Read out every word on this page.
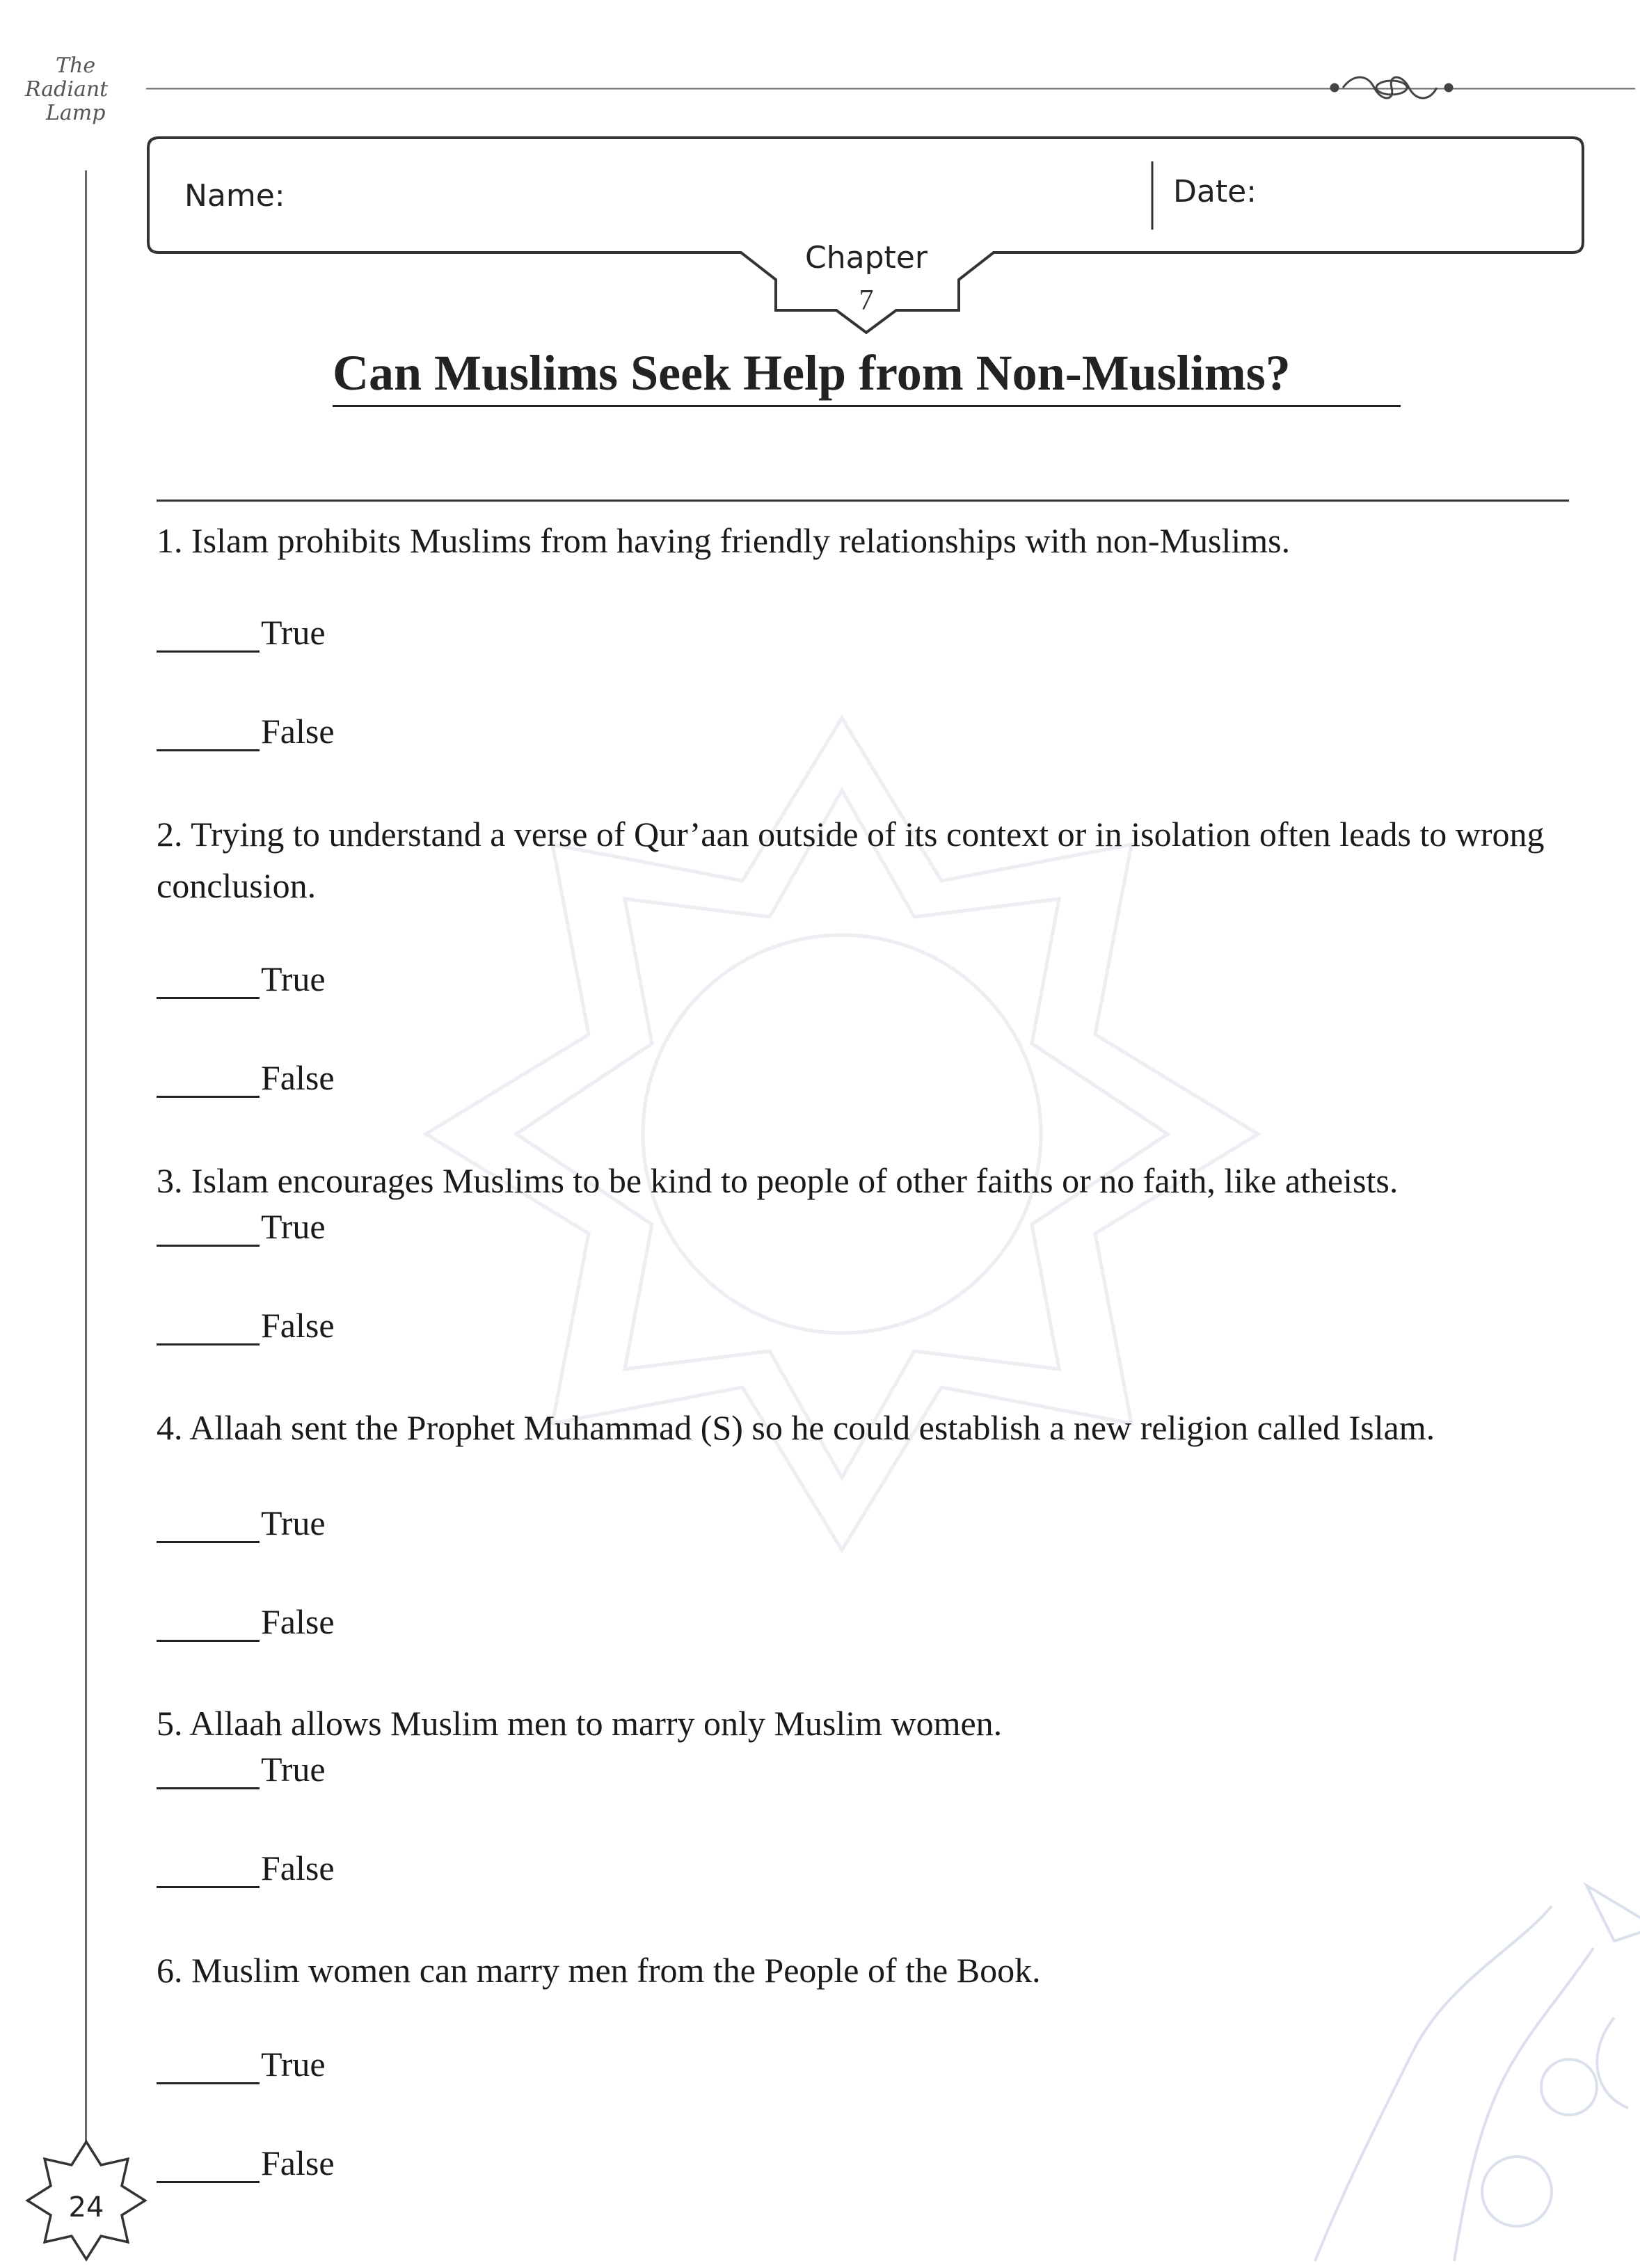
The
Radiant
Lamp
Name:	Date:
Chapter
7
Can Muslims Seek Help from Non-Muslims?
1. Islam prohibits Muslims from having friendly relationships with non-Muslims.
True
False
2. Trying to understand a verse of Qur’aan outside of its context or in isolation often leads to wrong conclusion.
True
False
3. Islam encourages Muslims to be kind to people of other faiths or no faith, like atheists.
True
False
4. Allaah sent the Prophet Muhammad (S) so he could establish a new religion called Islam.
True
False
5. Allaah allows Muslim men to marry only Muslim women.
True
False
6. Muslim women can marry men from the People of the Book.
True
False
24
